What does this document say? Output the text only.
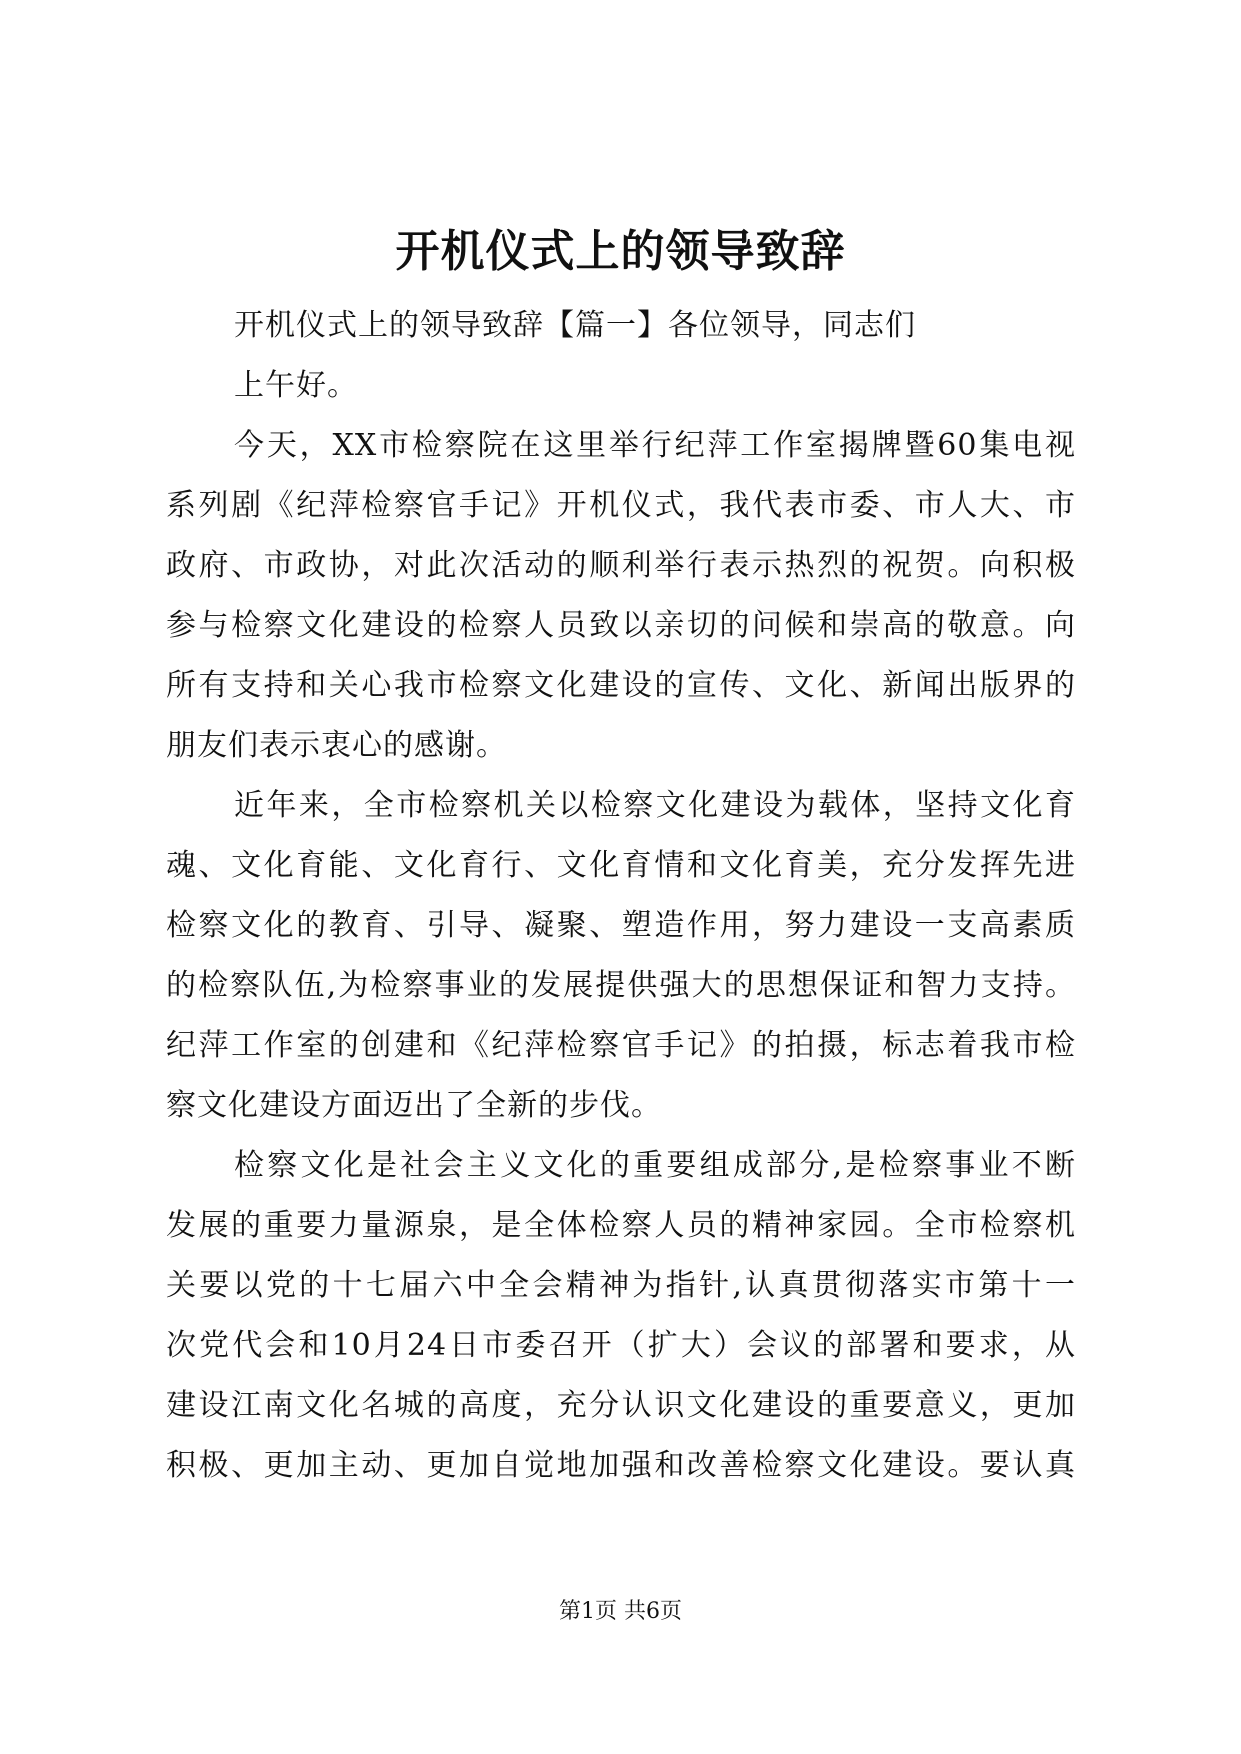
开机仪式上的领导致辞
开机仪式上的领导致辞【篇一】各位领导，同志们
上午好。
今天，XX市检察院在这里举行纪萍工作室揭牌暨60集电视
系列剧《纪萍检察官手记》开机仪式，我代表市委、市人大、市
政府、市政协，对此次活动的顺利举行表示热烈的祝贺。向积极
参与检察文化建设的检察人员致以亲切的问候和崇高的敬意。向
所有支持和关心我市检察文化建设的宣传、文化、新闻出版界的
朋友们表示衷心的感谢。
近年来，全市检察机关以检察文化建设为载体，坚持文化育
魂、文化育能、文化育行、文化育情和文化育美，充分发挥先进
检察文化的教育、引导、凝聚、塑造作用，努力建设一支高素质
的检察队伍,为检察事业的发展提供强大的思想保证和智力支持。
纪萍工作室的创建和《纪萍检察官手记》的拍摄，标志着我市检
察文化建设方面迈出了全新的步伐。
检察文化是社会主义文化的重要组成部分,是检察事业不断
发展的重要力量源泉，是全体检察人员的精神家园。全市检察机
关要以党的十七届六中全会精神为指针,认真贯彻落实市第十一
次党代会和10月24日市委召开（扩大）会议的部署和要求，从
建设江南文化名城的高度，充分认识文化建设的重要意义，更加
积极、更加主动、更加自觉地加强和改善检察文化建设。要认真
第1页 共6页
